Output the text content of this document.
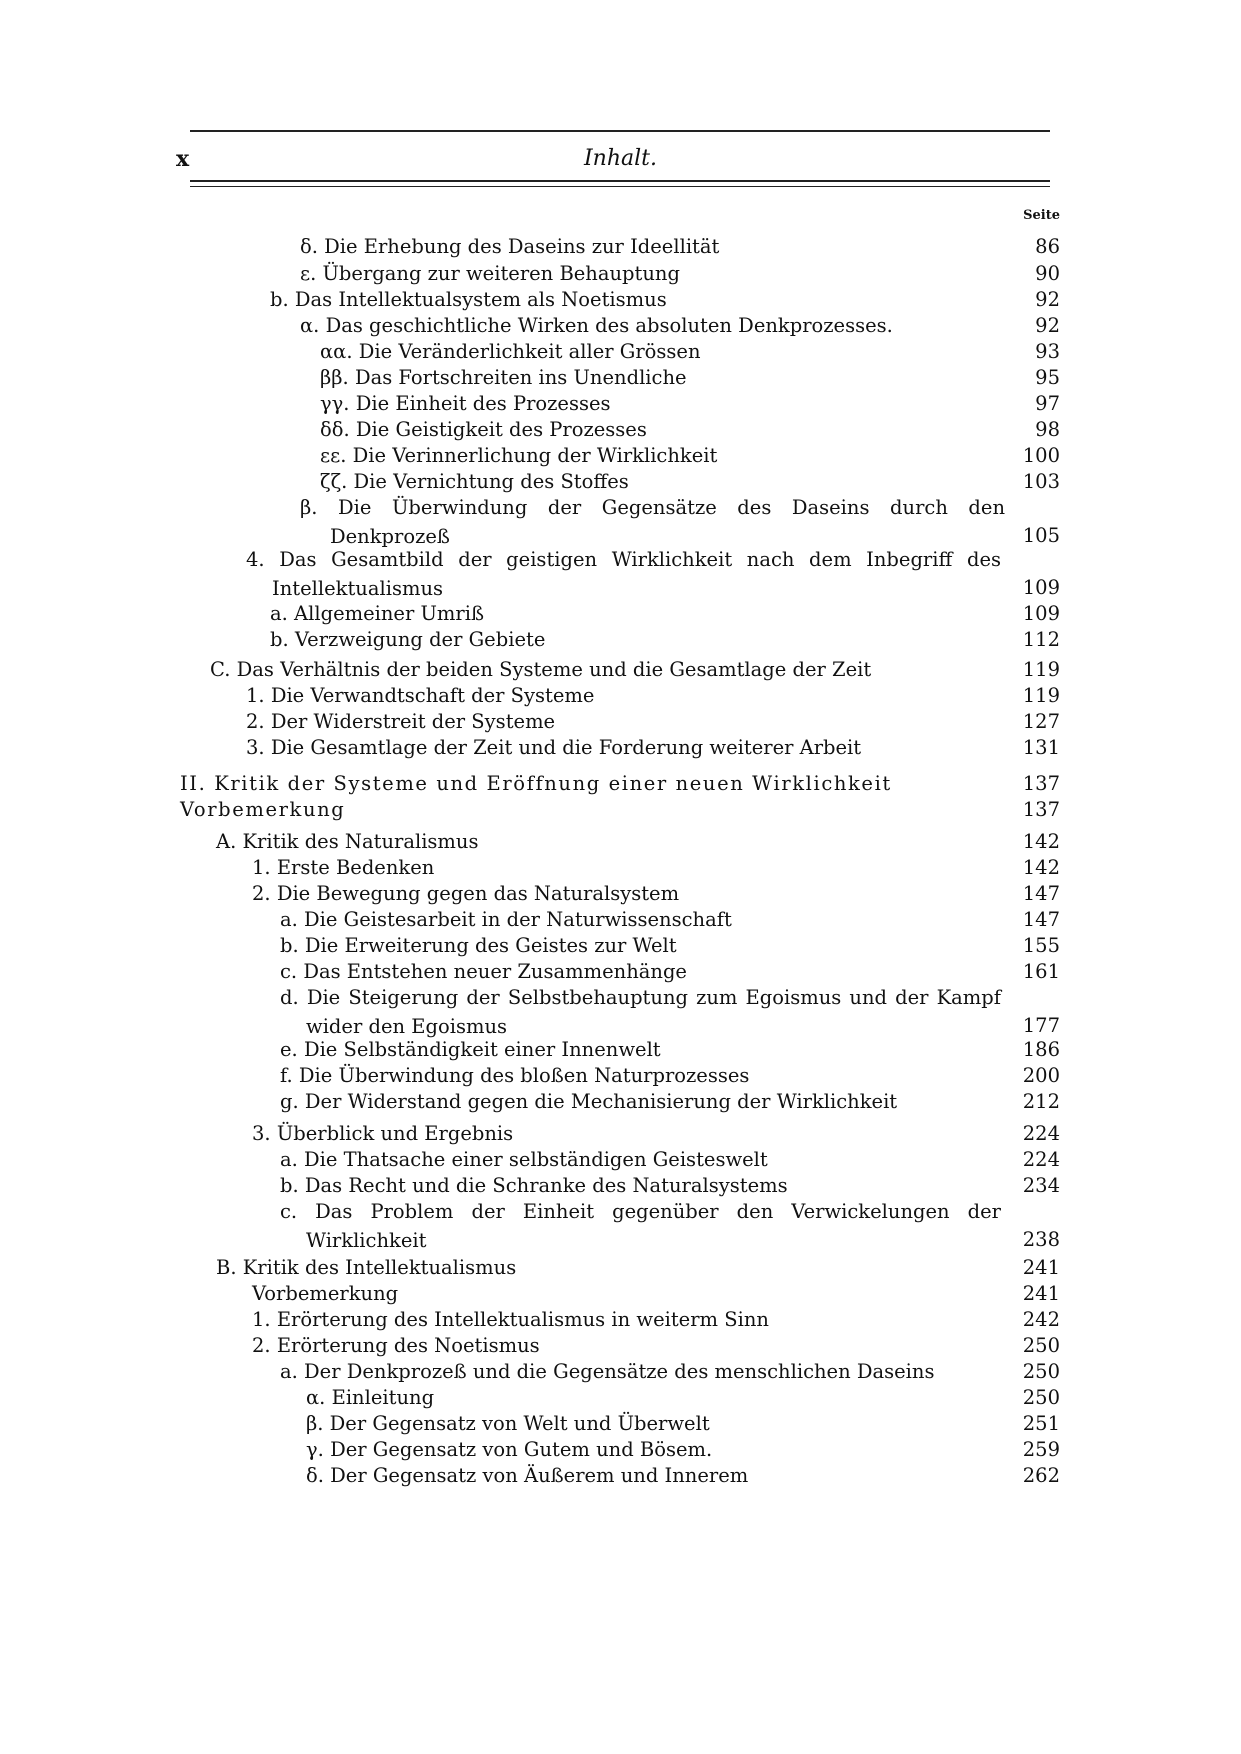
x	Inhalt.
Seite
δ. Die Erhebung des Daseins zur Ideellität	86
ε. Übergang zur weiteren Behauptung	90
b. Das Intellektualsystem als Noetismus	92
α. Das geschichtliche Wirken des absoluten Denkprozesses.	92
αα. Die Veränderlichkeit aller Grössen	93
ββ. Das Fortschreiten ins Unendliche	95
γγ. Die Einheit des Prozesses	97
δδ. Die Geistigkeit des Prozesses	98
εε. Die Verinnerlichung der Wirklichkeit	100
ζζ. Die Vernichtung des Stoffes	103
β. Die Überwindung der Gegensätze des Daseins durch den Denkprozeß	105
4. Das Gesamtbild der geistigen Wirklichkeit nach dem Inbegriff des Intellektualismus	109
a. Allgemeiner Umriß	109
b. Verzweigung der Gebiete	112
C. Das Verhältnis der beiden Systeme und die Gesamtlage der Zeit	119
1. Die Verwandtschaft der Systeme	119
2. Der Widerstreit der Systeme	127
3. Die Gesamtlage der Zeit und die Forderung weiterer Arbeit	131
II. Kritik der Systeme und Eröffnung einer neuen Wirklichkeit	137
Vorbemerkung	137
A. Kritik des Naturalismus	142
1. Erste Bedenken	142
2. Die Bewegung gegen das Naturalsystem	147
a. Die Geistesarbeit in der Naturwissenschaft	147
b. Die Erweiterung des Geistes zur Welt	155
c. Das Entstehen neuer Zusammenhänge	161
d. Die Steigerung der Selbstbehauptung zum Egoismus und der Kampf wider den Egoismus	177
e. Die Selbständigkeit einer Innenwelt	186
f. Die Überwindung des bloßen Naturprozesses	200
g. Der Widerstand gegen die Mechanisierung der Wirklichkeit	212
3. Überblick und Ergebnis	224
a. Die Thatsache einer selbständigen Geisteswelt	224
b. Das Recht und die Schranke des Naturalsystems	234
c. Das Problem der Einheit gegenüber den Verwickelungen der Wirklichkeit	238
B. Kritik des Intellektualismus	241
Vorbemerkung	241
1. Erörterung des Intellektualismus in weiterm Sinn	242
2. Erörterung des Noetismus	250
a. Der Denkprozeß und die Gegensätze des menschlichen Daseins	250
α. Einleitung	250
β. Der Gegensatz von Welt und Überwelt	251
γ. Der Gegensatz von Gutem und Bösem.	259
δ. Der Gegensatz von Äußerem und Innerem	262
